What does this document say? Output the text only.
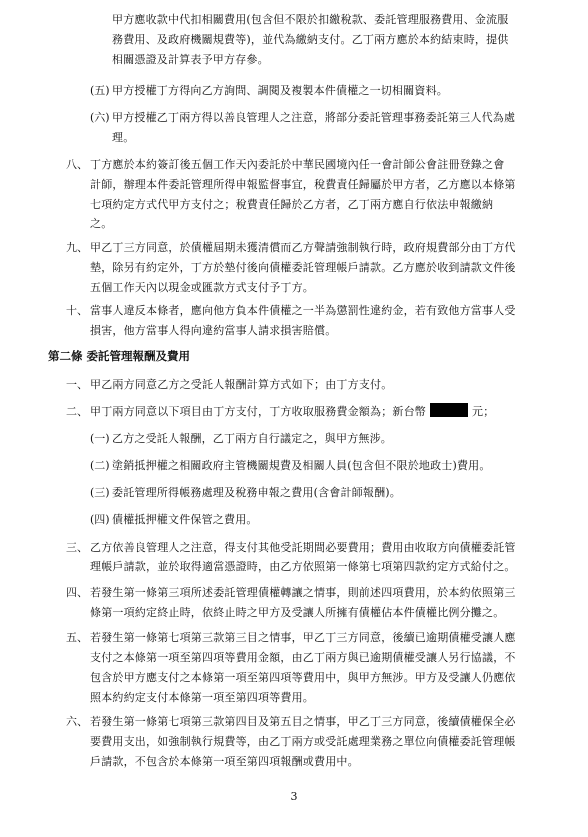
甲方應收款中代扣相關費用(包含但不限於扣繳稅款、委託管理服務費用、金流服
務費用、及政府機關規費等)，並代為繳納支付。乙丁兩方應於本約結束時，提供
相關憑證及計算表予甲方存參。
(五) 甲方授權丁方得向乙方詢問、調閱及複製本件債權之一切相關資料。
(六) 甲方授權乙丁兩方得以善良管理人之注意，將部分委託管理事務委託第三人代為處
理。
八、 丁方應於本約簽訂後五個工作天內委託於中華民國境內任一會計師公會註冊登錄之會
計師，辦理本件委託管理所得申報監督事宜，稅費責任歸屬於甲方者，乙方應以本條第
七項約定方式代甲方支付之；稅費責任歸於乙方者，乙丁兩方應自行依法申報繳納
之。
九、 甲乙丁三方同意，於債權屆期未獲清償而乙方聲請強制執行時，政府規費部分由丁方代
墊，除另有約定外，丁方於墊付後向債權委託管理帳戶請款。乙方應於收到請款文件後
五個工作天內以現金或匯款方式支付予丁方。
十、 當事人違反本條者，應向他方負本件債權之一半為懲罰性違約金，若有致他方當事人受
損害，他方當事人得向違約當事人請求損害賠償。
第二條 委託管理報酬及費用
一、 甲乙兩方同意乙方之受託人報酬計算方式如下；由丁方支付。
二、 甲丁兩方同意以下項目由丁方支付，丁方收取服務費金額為；新台幣	元；
(一) 乙方之受託人報酬，乙丁兩方自行議定之，與甲方無涉。
(二) 塗銷抵押權之相關政府主管機關規費及相關人員(包含但不限於地政士)費用。
(三) 委託管理所得帳務處理及稅務申報之費用(含會計師報酬)。
(四) 債權抵押權文件保管之費用。
三、 乙方依善良管理人之注意，得支付其他受託期間必要費用；費用由收取方向債權委託管
理帳戶請款，並於取得適當憑證時，由乙方依照第一條第七項第四款約定方式給付之。
四、 若發生第一條第三項所述委託管理債權轉讓之情事，則前述四項費用，於本約依照第三
條第一項約定終止時，依終止時之甲方及受讓人所擁有債權佔本件債權比例分攤之。
五、 若發生第一條第七項第三款第三目之情事，甲乙丁三方同意，後續已逾期債權受讓人應
支付之本條第一項至第四項等費用金額，由乙丁兩方與已逾期債權受讓人另行協議，不
包含於甲方應支付之本條第一項至第四項等費用中，與甲方無涉。甲方及受讓人仍應依
照本約約定支付本條第一項至第四項等費用。
六、 若發生第一條第七項第三款第四目及第五目之情事，甲乙丁三方同意，後續債權保全必
要費用支出，如強制執行規費等，由乙丁兩方或受託處理業務之單位向債權委託管理帳
戶請款，不包含於本條第一項至第四項報酬或費用中。
3
